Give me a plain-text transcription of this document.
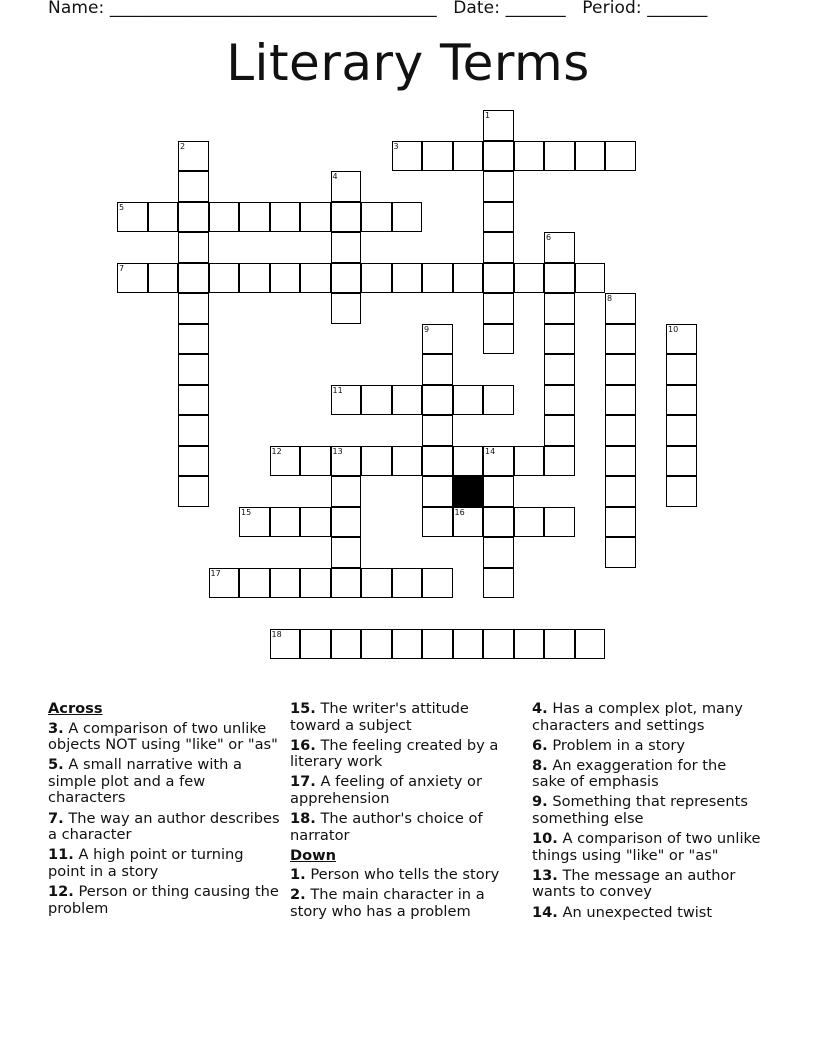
Name: ______________________________________ Date: _______ Period: _______
Literary Terms
1
2	3
4
5
6
7
8
9	10
11
12	13	14
15	16
17
18
Across
3. A comparison of two unlike objects NOT using "like" or "as"
5. A small narrative with a simple plot and a few characters
7. The way an author describes a character
11. A high point or turning point in a story
12. Person or thing causing the problem
15. The writer's attitude toward a subject
16. The feeling created by a literary work
17. A feeling of anxiety or apprehension
18. The author's choice of narrator
Down
1. Person who tells the story
2. The main character in a story who has a problem
4. Has a complex plot, many characters and settings
6. Problem in a story
8. An exaggeration for the sake of emphasis
9. Something that represents something else
10. A comparison of two unlike things using "like" or "as"
13. The message an author wants to convey
14. An unexpected twist
